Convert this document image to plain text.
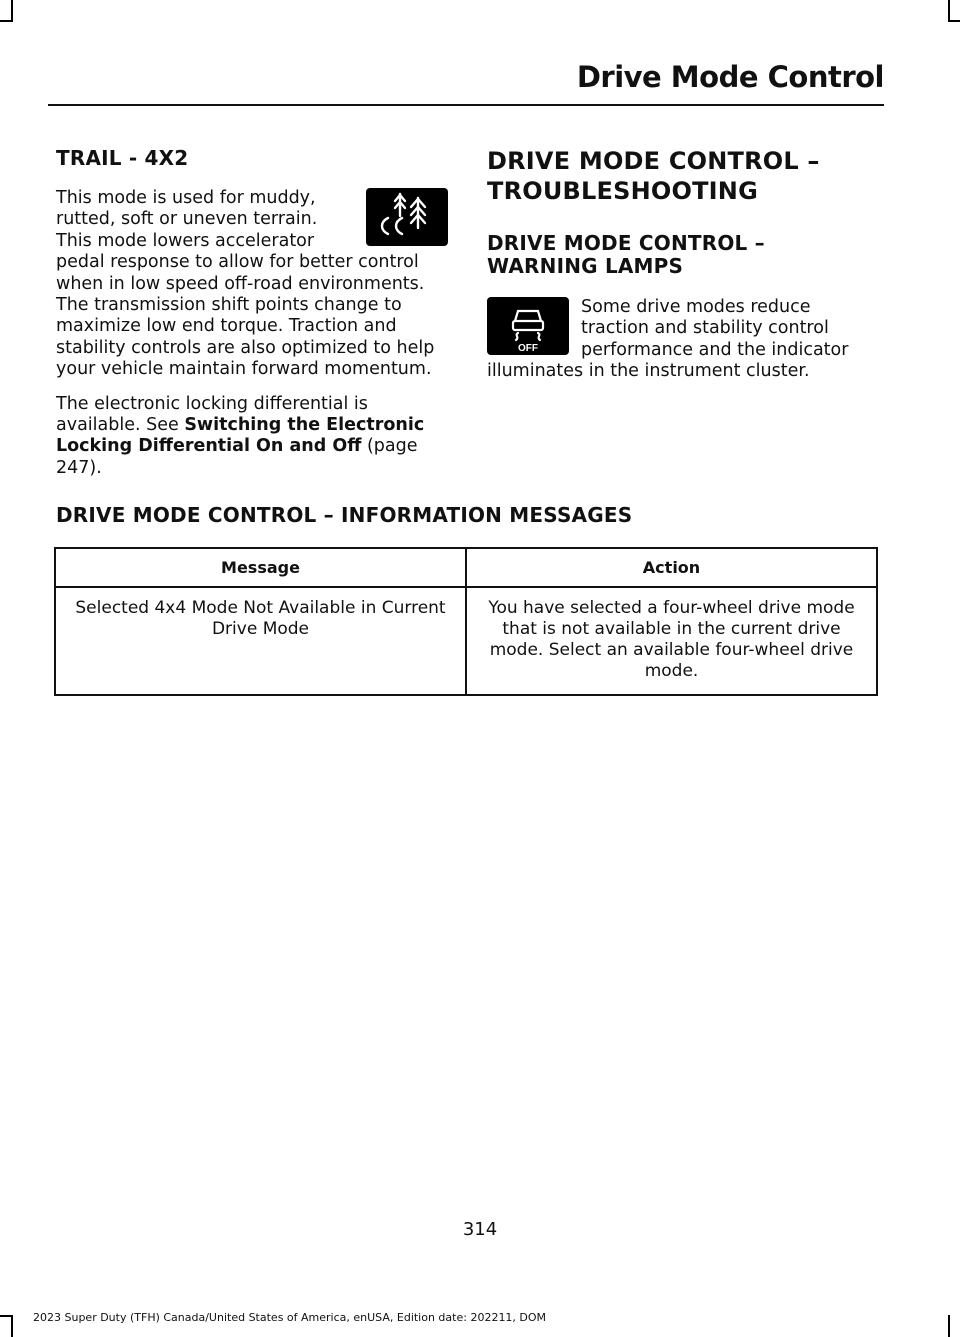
Drive Mode Control
TRAIL - 4X2
This mode is used for muddy, rutted, soft or uneven terrain. This mode lowers accelerator pedal response to allow for better control when in low speed off-road environments. The transmission shift points change to maximize low end torque. Traction and stability controls are also optimized to help your vehicle maintain forward momentum.
The electronic locking differential is available. See Switching the Electronic Locking Differential On and Off (page 247).
DRIVE MODE CONTROL –
TROUBLESHOOTING
DRIVE MODE CONTROL – WARNING LAMPS
OFF
Some drive modes reduce traction and stability control performance and the indicator illuminates in the instrument cluster.
DRIVE MODE CONTROL – INFORMATION MESSAGES
Message	Action
Selected 4x4 Mode Not Available in Current Drive Mode	You have selected a four-wheel drive mode that is not available in the current drive mode. Select an available four-wheel drive mode.
314
2023 Super Duty (TFH) Canada/United States of America, enUSA, Edition date: 202211, DOM
